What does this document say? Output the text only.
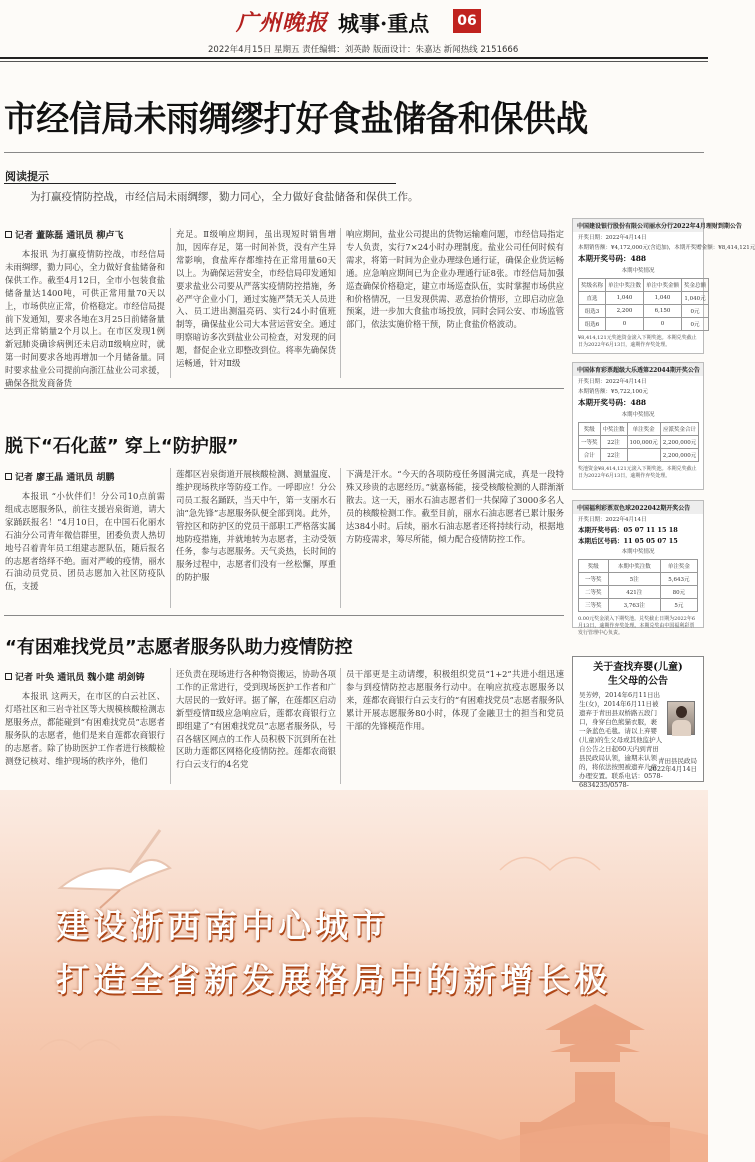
广州晚报 城事·重点	06
2022年4月15日 星期五 责任编辑：刘英龄 版面设计：朱嘉达 新闻热线 2151666
市经信局未雨绸缪打好食盐储备和保供战
阅读提示
为打赢疫情防控战，市经信局未雨绸缪，勠力同心，全力做好食盐储备和保供工作。
记者 董陈磊 通讯员 柳卢飞

本报讯 为打赢疫情防控战，市经信局未雨绸缪，勠力同心，全力做好食盐储备和保供工作。截至4月12日，全市小包装食盐储备量达1400吨，可供正常用量70天以上，市场供应正常，价格稳定。市经信局提前下发通知，要求各地在3月25日前储备量达到正常销量2个月以上。在市区发现1例新冠肺炎确诊病例还未启动Ⅱ级响应时，就第一时间要求各地再增加一个月储备量。同时要求盐业公司提前向浙江盐业公司求援，确保各批发商备货

充足。Ⅱ级响应期间，虽出现短时销售增加，因库存足，第一时间补货，没有产生异常影响，食盐库存都维持在正常用量60天以上。为确保运营安全，市经信局印发通知要求盐业公司要从严落实疫情防控措施，务必严守企业小门，通过实施严禁无关人员进入、员工进出测温亮码、实行24小时值班制等，确保盐业公司大本营运营安全。通过明察暗访多次到盐业公司检查，对发现的问题，督促企业立即整改到位。将率先确保货运畅通，针对Ⅱ级

响应期间，盐业公司提出的货物运输难问题，市经信局指定专人负责，实行7×24小时办理制度。盐业公司任何时候有需求，将第一时间为企业办理绿色通行证，确保企业货运畅通。应急响应期间已为企业办理通行证8张。市经信局加强巡查确保价格稳定，建立市场巡查队伍，实时掌握市场供应和价格情况，一旦发现供需、恶意抬价情形，立即启动应急预案，进一步加大食盐市场投放，同时会同公安、市场监管部门，依法实施价格干预，防止食盐价格波动。

脱下“石化蓝” 穿上“防护服”
记者 廖王晶 通讯员 胡鹏

本报讯 “小伙伴们！分公司10点前需组成志愿服务队，前往支援岩泉街道，请大家踊跃报名！”4月10日，在中国石化丽水石油分公司青年微信群里，团委负责人热切地号召着青年员工组建志愿队伍，随后报名的志愿者络绎不绝。面对严峻的疫情，丽水石油动员党员、团员志愿加入社区防疫队伍，支援

莲都区岩泉街道开展核酸检测、测量温度、维护现场秩序等防疫工作。一呼即应！分公司员工报名踊跃，当天中午，第一支丽水石油“急先锋”志愿服务队便全部到岗。此外，管控区和防护区的党员干部职工严格落实属地防疫措施，并就地转为志愿者，主动受领任务，参与志愿服务。天气炎热，长时间的服务过程中，志愿者们没有一丝松懈，厚重的防护服

下满是汗水。“今天的各项防疫任务圆满完成，真是一段特殊又珍贵的志愿经历。”就嘉杨能，接受核酸检测的人群渐渐散去。这一天，丽水石油志愿者们一共保障了3000多名人员的核酸检测工作。截至目前，丽水石油志愿者已累计服务达384小时。后续，丽水石油志愿者还将持续行动，根据地方防疫需求，筹尽所能，倾力配合疫情防控工作。

“有困难找党员”志愿者服务队助力疫情防控
记者 叶奂 通讯员 魏小建 胡剑铸

本报讯 这两天，在市区的白云社区、灯塔社区和三岩寺社区等大规模核酸检测志愿服务点，都能碰到“有困难找党员”志愿者服务队的志愿者，他们是来自莲都农商银行的志愿者。除了协助医护工作者进行核酸检测登记核对、维护现场的秩序外，他们

还负责在现场进行各种物资搬运，协助各项工作的正常进行，受到现场医护工作者和广大居民的一致好评。据了解，在莲都区启动新型疫情Ⅱ级应急响应后，莲都农商银行立即组建了“有困难找党员”志愿者服务队，号召各辖区网点的工作人员积极下沉到所在社区助力莲都区网格化疫情防控。莲都农商银行白云支行的4名党

员干部更是主动请缨，积极组织党员“1+2”共进小组迅速参与到疫情防控志愿服务行动中。在响应抗疫志愿服务以来，莲都农商银行白云支行的“有困难找党员”志愿者服务队累计开展志愿服务80小时，体现了金融卫士的担当和党员干部的先锋模范作用。

中国建设银行股份有限公司丽水分行2022年4月理财到期公告
开奖日期：2022年4月14日
本期销售额：¥4,172,000元(含追加)，本期开奖赠金额：¥8,414,121元
本期开奖号码：488
本期中奖情况
奖级名称	单注中奖注数	单注中奖金额	奖金总额
直选	1,040	1,040	1,040元
组选3	2,200	6,150	0元
组选6	0	0	0元
¥8,414,121元奖池资金滚入下期奖池。本期兑奖截止日为2022年6月13日，逾期作弃奖处理。
中国体育彩票超级大乐透第22044期开奖公告
开奖日期：2022年4月14日
本期销售额：¥5,722,100元
本期开奖号码：488
本期中奖情况
奖级	中奖注数	单注奖金	应派奖金合计
一等奖	22注	100,000元	2,200,000元
合计	22注		2,200,000元
奖池资金¥8,414,121元滚入下期奖池。本期兑奖截止日为2022年6月13日，逾期作弃奖处理。
中国福利彩票双色球2022042期开奖公告
开奖日期：2022年4月14日
本期开奖号码：05 07 11 15 18
本期后区号码：11 05 05 07 15
本期中奖情况
奖级	本期中奖注数	单注奖金
一等奖	5注	5,643元
二等奖	421注	80元
三等奖	3,763注	5元
0.00元奖金滚入下期奖池。兑奖截止日期为2022年6月13日，逾期作弃奖处理。本期兑奖由中国福利彩票发行管理中心负责。
关于查找弃婴(儿童)
生父母的公告
吴芳婷，2014年6月11日出生(女)，2014年6月11日被遗弃于青田县双桥路五段门口，身穿白色熊猫衣服，裹一条蓝色毛毯。请以上弃婴(儿童)的生父母或其他监护人自公告之日起60天内到青田县民政局认领，逾期未认领的，将依法按照被遗弃儿童办理安置。联系电话：0578-6834235/0578-
青田县民政局
2022年4月14日
建设浙西南中心城市
打造全省新发展格局中的新增长极
